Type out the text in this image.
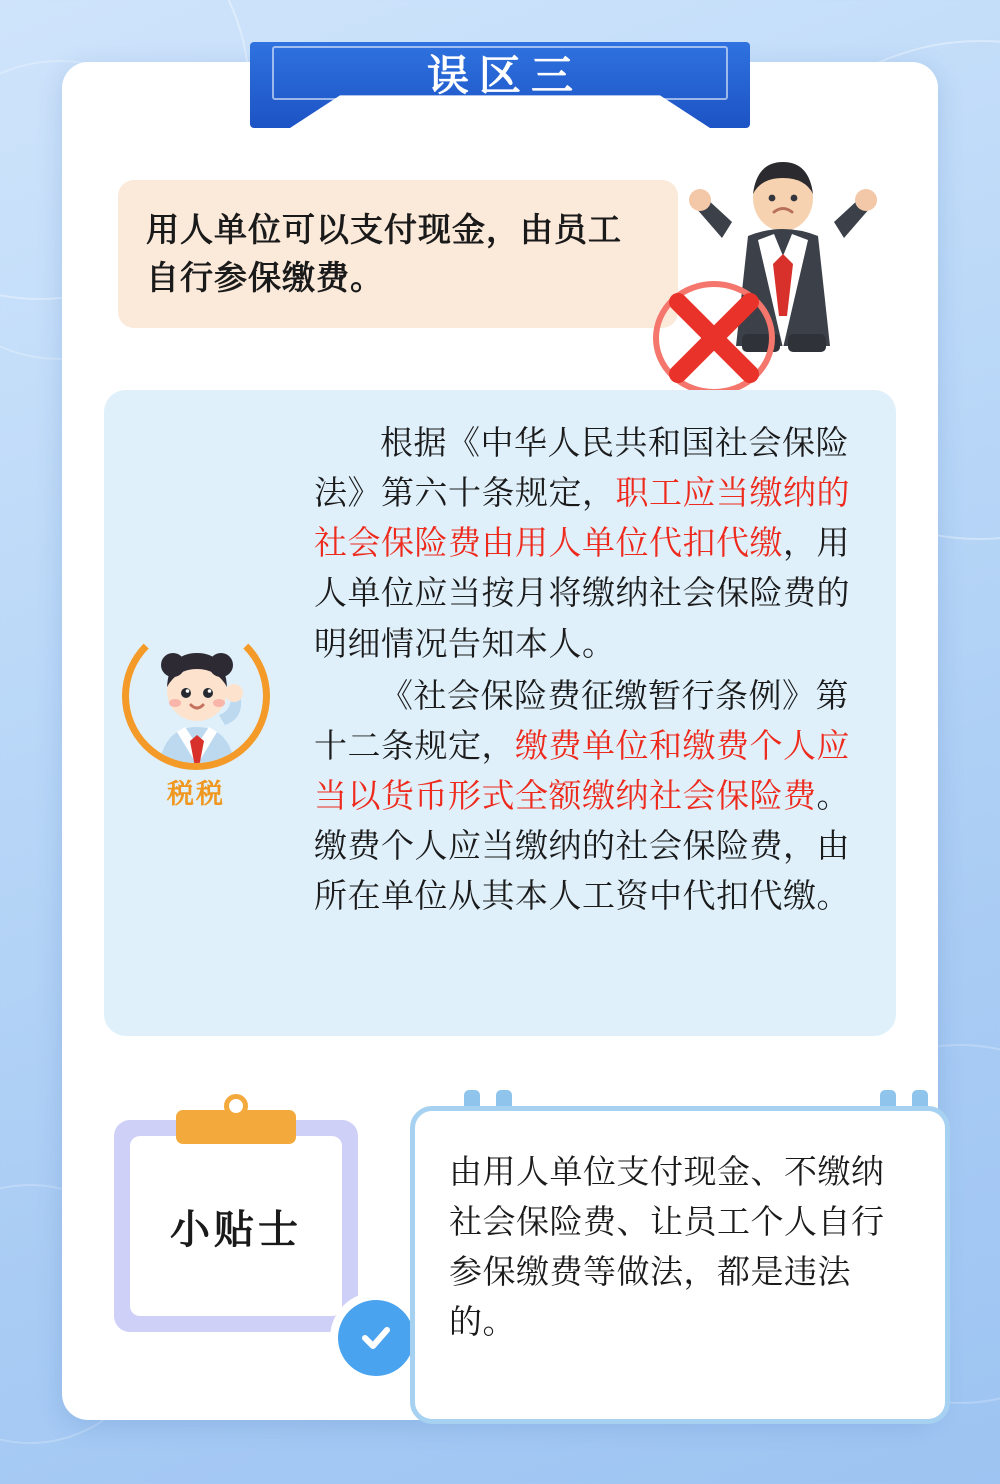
误区三
用人单位可以支付现金，由员工自行参保缴费。

根据《中华人民共和国社会保险法》第六十条规定，职工应当缴纳的社会保险费由用人单位代扣代缴，用人单位应当按月将缴纳社会保险费的明细情况告知本人。

《社会保险费征缴暂行条例》第十二条规定，缴费单位和缴费个人应当以货币形式全额缴纳社会保险费。缴费个人应当缴纳的社会保险费，由所在单位从其本人工资中代扣代缴。

税税
小贴士
由用人单位支付现金、不缴纳社会保险费、让员工个人自行参保缴费等做法，都是违法的。
